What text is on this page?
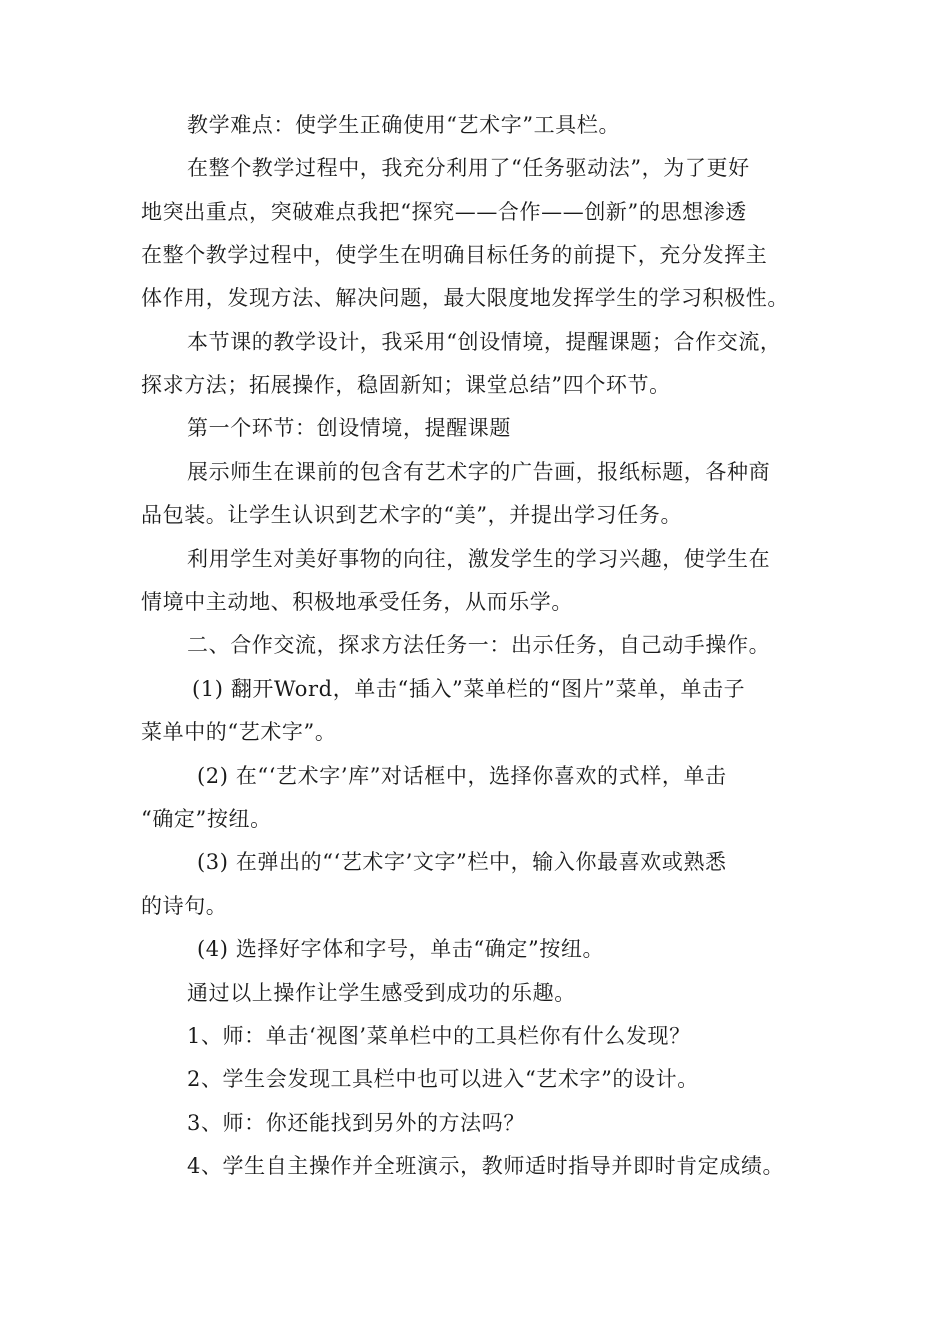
教学难点：使学生正确使用“艺术字”工具栏。
在整个教学过程中，我充分利用了“任务驱动法”，为了更好
地突出重点，突破难点我把“探究——合作——创新”的思想渗透
在整个教学过程中，使学生在明确目标任务的前提下，充分发挥主
体作用，发现方法、解决问题，最大限度地发挥学生的学习积极性。
本节课的教学设计，我采用“创设情境，提醒课题；合作交流，
探求方法；拓展操作，稳固新知；课堂总结”四个环节。
第一个环节：创设情境，提醒课题
展示师生在课前的包含有艺术字的广告画，报纸标题，各种商
品包装。让学生认识到艺术字的“美”，并提出学习任务。
利用学生对美好事物的向往，激发学生的学习兴趣，使学生在
情境中主动地、积极地承受任务，从而乐学。
二、合作交流，探求方法任务一：出示任务，自己动手操作。
(1) 翻开Word，单击“插入”菜单栏的“图片”菜单，单击子
菜单中的“艺术字”。
(2) 在“‘艺术字’库”对话框中，选择你喜欢的式样，单击
“确定”按纽。
(3) 在弹出的“‘艺术字’文字”栏中，输入你最喜欢或熟悉
的诗句。
(4) 选择好字体和字号，单击“确定”按纽。
通过以上操作让学生感受到成功的乐趣。
1、师：单击‘视图’菜单栏中的工具栏你有什么发现？
2、学生会发现工具栏中也可以进入“艺术字”的设计。
3、师：你还能找到另外的方法吗？
4、学生自主操作并全班演示，教师适时指导并即时肯定成绩。
